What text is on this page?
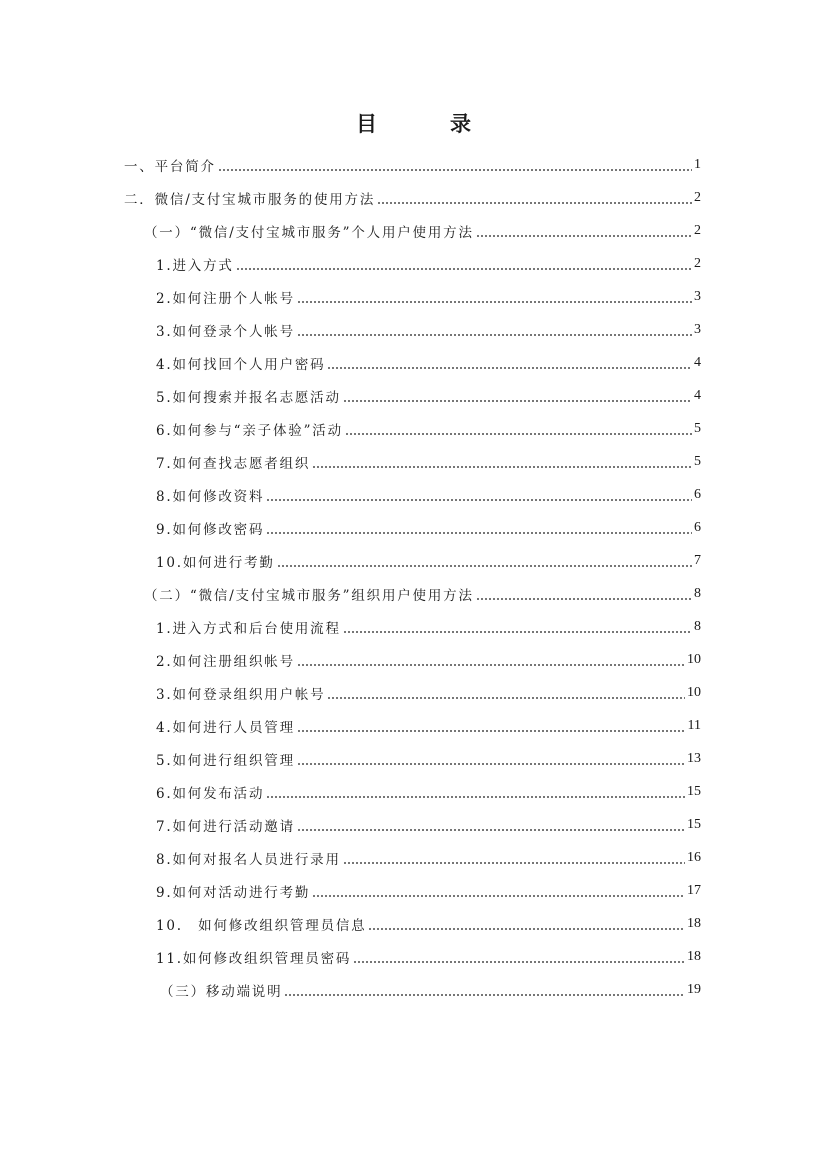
目　录
一、平台简介	1
二．微信/支付宝城市服务的使用方法	2
（一）“微信/支付宝城市服务”个人用户使用方法	2
1.进入方式	2
2.如何注册个人帐号	3
3.如何登录个人帐号	3
4.如何找回个人用户密码	4
5.如何搜索并报名志愿活动	4
6.如何参与“亲子体验”活动	5
7.如何查找志愿者组织	5
8.如何修改资料	6
9.如何修改密码	6
10.如何进行考勤	7
（二）“微信/支付宝城市服务”组织用户使用方法	8
1.进入方式和后台使用流程	8
2.如何注册组织帐号	10
3.如何登录组织用户帐号	10
4.如何进行人员管理	11
5.如何进行组织管理	13
6.如何发布活动	15
7.如何进行活动邀请	15
8.如何对报名人员进行录用	16
9.如何对活动进行考勤	17
10.　如何修改组织管理员信息	18
11.如何修改组织管理员密码	18
（三）移动端说明	19
